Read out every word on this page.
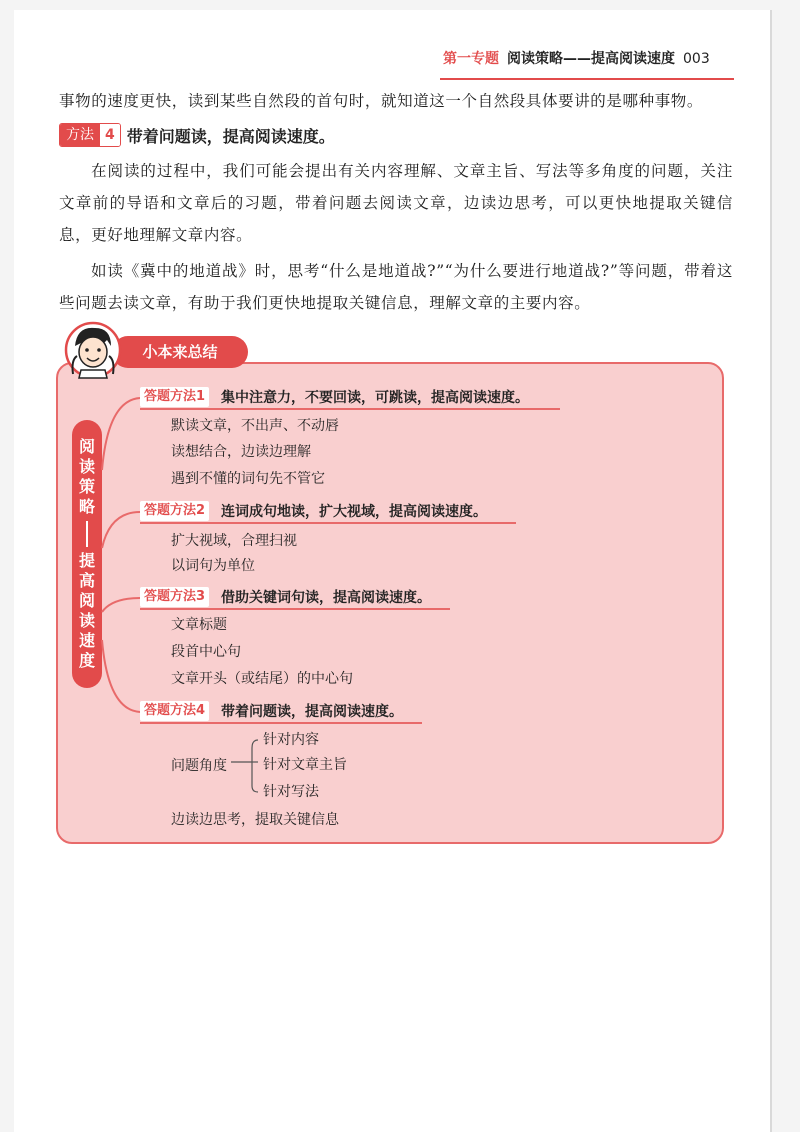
第一专题 阅读策略——提高阅读速度 003
事物的速度更快，读到某些自然段的首句时，就知道这一个自然段具体要讲的是哪种事物。
方法 4 带着问题读，提高阅读速度。
在阅读的过程中，我们可能会提出有关内容理解、文章主旨、写法等多角度的问题，关注文章前的导语和文章后的习题，带着问题去阅读文章，边读边思考，可以更快地提取关键信息，更好地理解文章内容。
如读《冀中的地道战》时，思考“什么是地道战?”“为什么要进行地道战?”等问题，带着这些问题去读文章，有助于我们更快地提取关键信息，理解文章的主要内容。
小本来总结
阅
读
策
略
提
高
阅
读
速
度
答题方法1 集中注意力，不要回读，可跳读，提高阅读速度。
默读文章，不出声、不动唇
读想结合，边读边理解
遇到不懂的词句先不管它
答题方法2 连词成句地读，扩大视域，提高阅读速度。
扩大视域，合理扫视
以词句为单位
答题方法3 借助关键词句读，提高阅读速度。
文章标题
段首中心句
文章开头（或结尾）的中心句
答题方法4 带着问题读，提高阅读速度。
问题角度
针对内容
针对文章主旨
针对写法
边读边思考，提取关键信息
